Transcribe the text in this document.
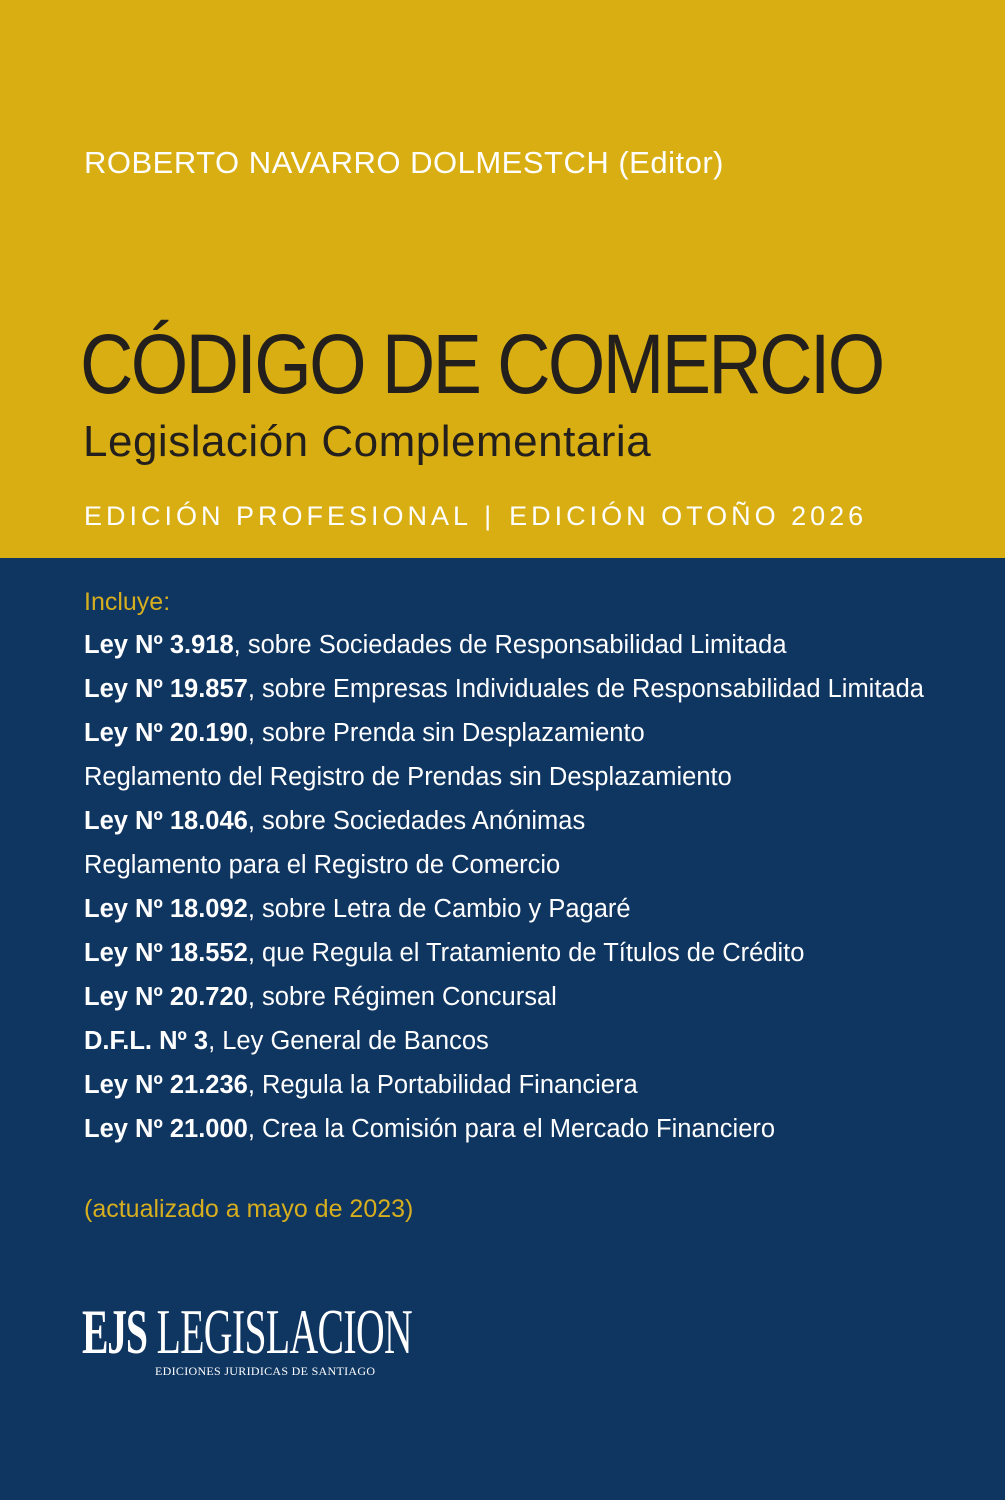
ROBERTO NAVARRO DOLMESTCH (Editor)
CÓDIGO DE COMERCIO
Legislación Complementaria
EDICIÓN PROFESIONAL | EDICIÓN OTOÑO 2026
Incluye:
Ley Nº 3.918, sobre Sociedades de Responsabilidad Limitada
Ley Nº 19.857, sobre Empresas Individuales de Responsabilidad Limitada
Ley Nº 20.190, sobre Prenda sin Desplazamiento
Reglamento del Registro de Prendas sin Desplazamiento
Ley Nº 18.046, sobre Sociedades Anónimas
Reglamento para el Registro de Comercio
Ley Nº 18.092, sobre Letra de Cambio y Pagaré
Ley Nº 18.552, que Regula el Tratamiento de Títulos de Crédito
Ley Nº 20.720, sobre Régimen Concursal
D.F.L. Nº 3, Ley General de Bancos
Ley Nº 21.236, Regula la Portabilidad Financiera
Ley Nº 21.000, Crea la Comisión para el Mercado Financiero
(actualizado a mayo de 2023)
EJS LEGISLACION
EDICIONES JURIDICAS DE SANTIAGO
